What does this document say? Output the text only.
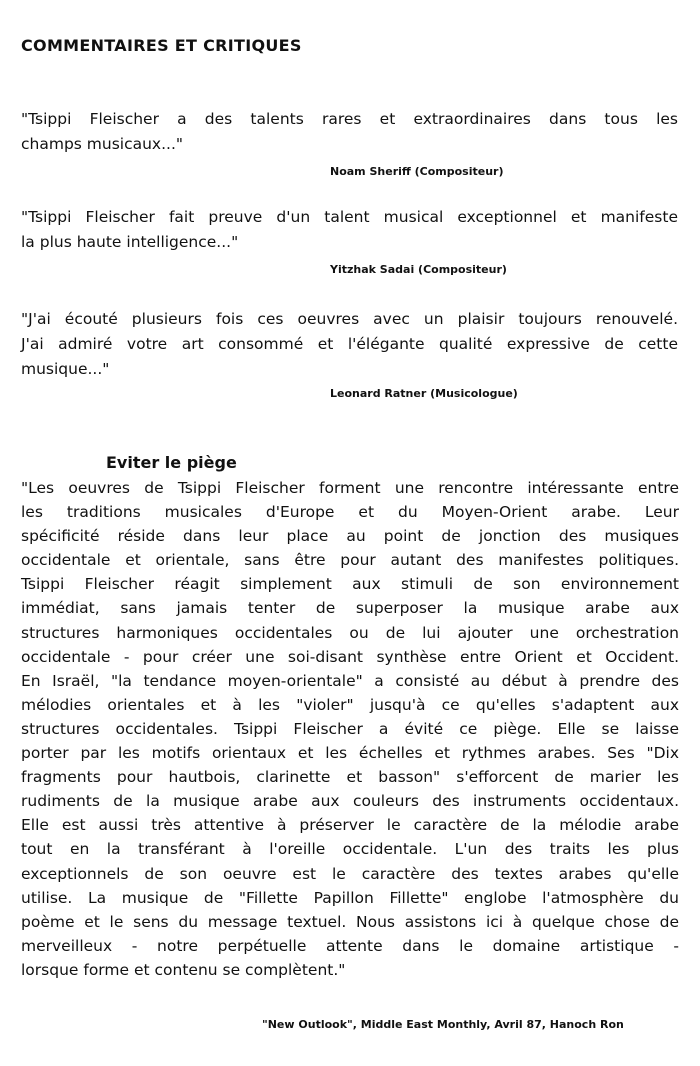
COMMENTAIRES ET CRITIQUES
"Tsippi Fleischer a des talents rares et extraordinaires dans tous les
champs musicaux..."
Noam Sheriff (Compositeur)
"Tsippi Fleischer fait preuve d'un talent musical exceptionnel et manifeste
la plus haute intelligence..."
Yitzhak Sadai (Compositeur)
"J'ai écouté plusieurs fois ces oeuvres avec un plaisir toujours renouvelé.
J'ai admiré votre art consommé et l'élégante qualité expressive de cette
musique..."
Leonard Ratner (Musicologue)
Eviter le piège
"Les oeuvres de Tsippi Fleischer forment une rencontre intéressante entre
les traditions musicales d'Europe et du Moyen-Orient arabe. Leur
spécificité réside dans leur place au point de jonction des musiques
occidentale et orientale, sans être pour autant des manifestes politiques.
Tsippi Fleischer réagit simplement aux stimuli de son environnement
immédiat, sans jamais tenter de superposer la musique arabe aux
structures harmoniques occidentales ou de lui ajouter une orchestration
occidentale - pour créer une soi-disant synthèse entre Orient et Occident.
En Israël, "la tendance moyen-orientale" a consisté au début à prendre des
mélodies orientales et à les "violer" jusqu'à ce qu'elles s'adaptent aux
structures occidentales. Tsippi Fleischer a évité ce piège. Elle se laisse
porter par les motifs orientaux et les échelles et rythmes arabes. Ses "Dix
fragments pour hautbois, clarinette et basson" s'efforcent de marier les
rudiments de la musique arabe aux couleurs des instruments occidentaux.
Elle est aussi très attentive à préserver le caractère de la mélodie arabe
tout en la transférant à l'oreille occidentale. L'un des traits les plus
exceptionnels de son oeuvre est le caractère des textes arabes qu'elle
utilise. La musique de "Fillette Papillon Fillette" englobe l'atmosphère du
poème et le sens du message textuel. Nous assistons ici à quelque chose de
merveilleux - notre perpétuelle attente dans le domaine artistique -
lorsque forme et contenu se complètent."
"New Outlook", Middle East Monthly, Avril 87, Hanoch Ron
